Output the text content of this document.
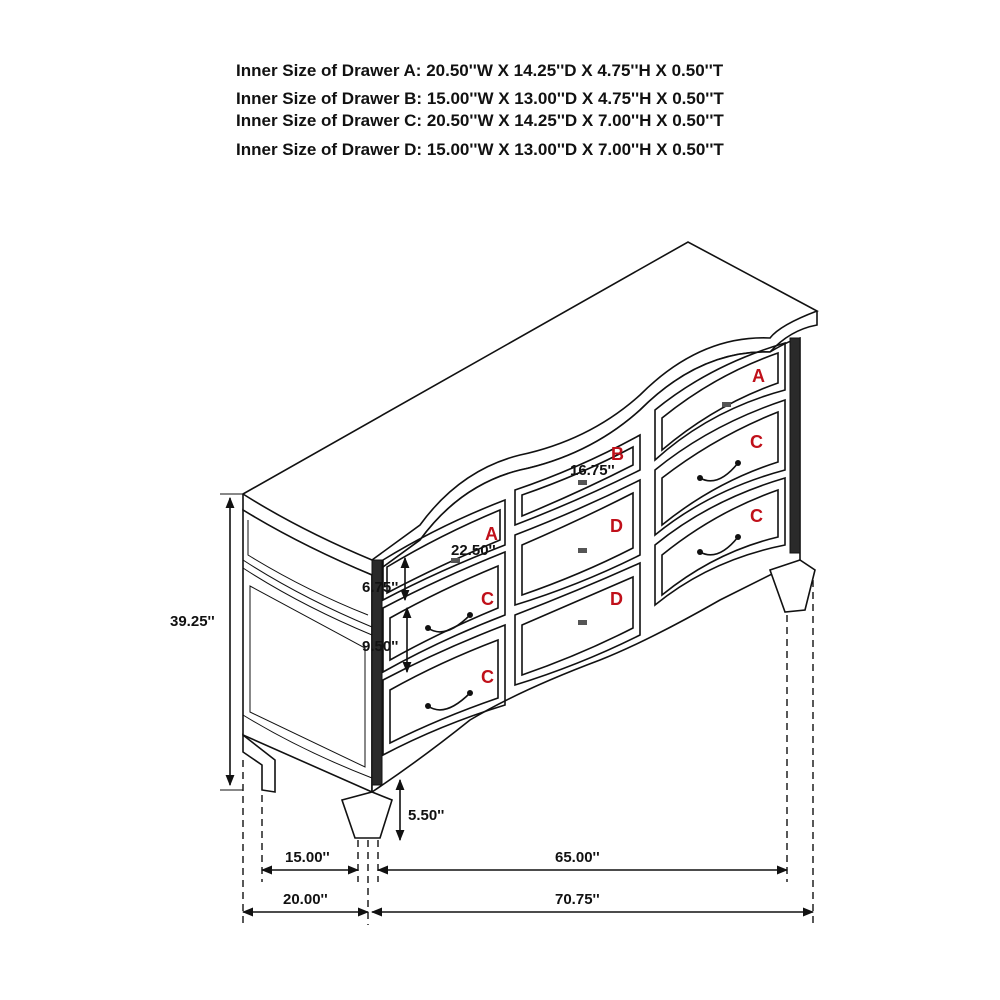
Inner Size of Drawer A: 20.50''W X 14.25''D X 4.75''H X 0.50''T
Inner Size of Drawer B: 15.00''W X 13.00''D X 4.75''H X 0.50''T
Inner Size of Drawer C: 20.50''W X 14.25''D X 7.00''H X 0.50''T
Inner Size of Drawer D: 15.00''W X 13.00''D X 7.00''H X 0.50''T
A
A
B
C
C
C
C
D
D
22.50''
16.75''
6.75''
9.50''
39.25''
5.50''
15.00''	65.00''
20.00''	70.75''
